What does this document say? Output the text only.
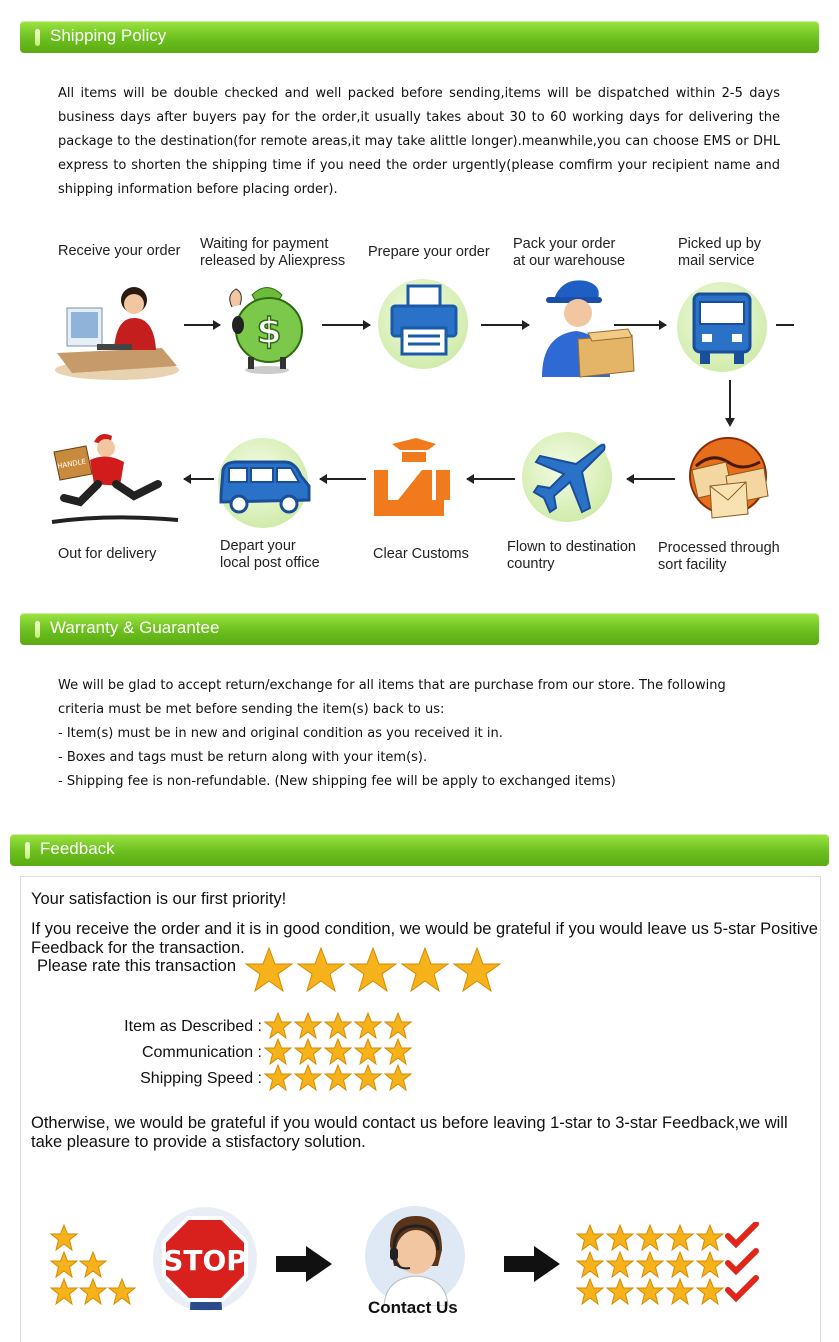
Shipping Policy

All items will be double checked and well packed before sending,items will be dispatched within 2-5 days business days after buyers pay for the order,it usually takes about 30 to 60 working days for delivering the package to the destination(for remote areas,it may take alittle longer).meanwhile,you can choose EMS or DHL express to shorten the shipping time if you need the order urgently(please comfirm your recipient name and shipping information before placing order).

Receive your order Waiting for payment
released by Aliexpress
Prepare your order Pack your order
at our warehouse
Picked up by
mail service
$
HANDLE
Out for delivery	Depart your
local post office
Clear Customs	Flown to destination
country
Processed through
sort facility
Warranty & Guarantee

We will be glad to accept return/exchange for all items that are purchase from our store. The following

criteria must be met before sending the item(s) back to us:

- Item(s) must be in new and original condition as you received it in.

- Boxes and tags must be return along with your item(s).

- Shipping fee is non-refundable. (New shipping fee will be apply to exchanged items)

Feedback
Your satisfaction is our first priority!
If you receive the order and it is in good condition, we would be grateful if you would leave us 5-star Positive
Feedback for the transaction.
Please rate this transaction
Item as Described :
Communication :
Shipping Speed :
Otherwise, we would be grateful if you would contact us before leaving 1-star to 3-star Feedback,we will
take pleasure to provide a stisfactory solution.
STOP
Contact Us
